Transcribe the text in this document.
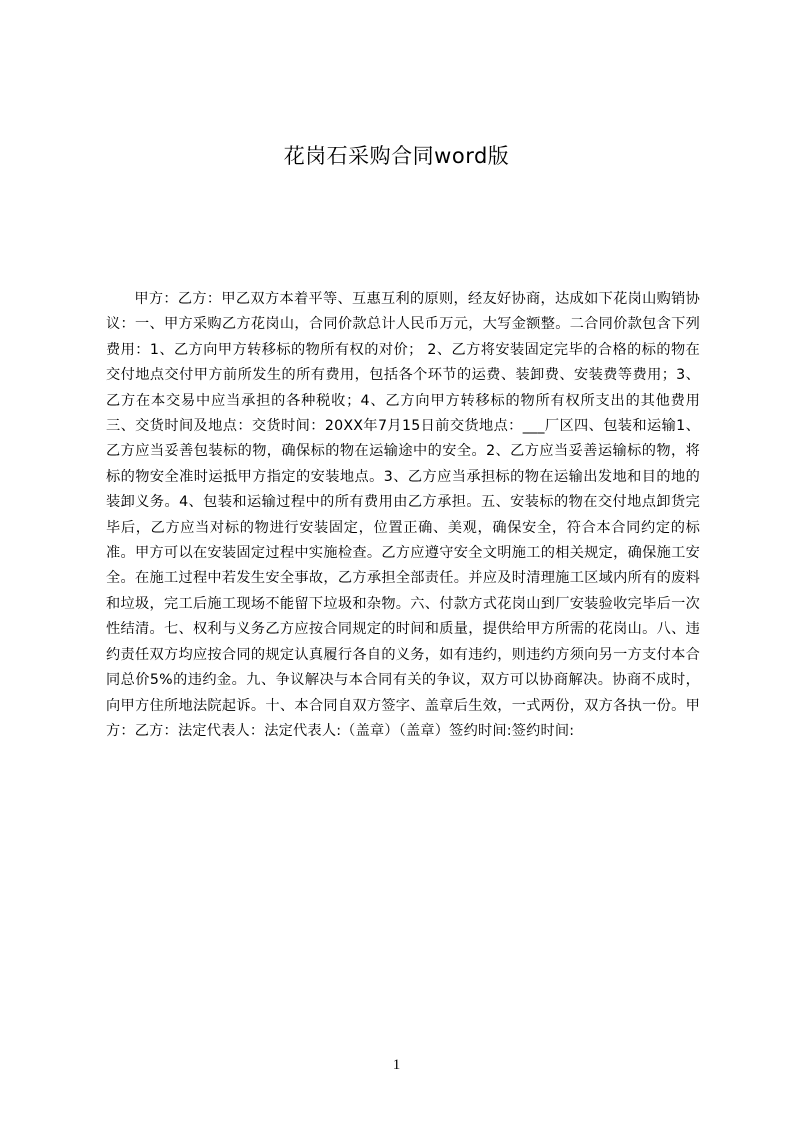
花岗石采购合同word版

甲方：乙方：甲乙双方本着平等、互惠互利的原则，经友好协商，达成如下花岗山购销协议：一、甲方采购乙方花岗山，合同价款总计人民币万元，大写金额整。二合同价款包含下列费用：1、乙方向甲方转移标的物所有权的对价； 2、乙方将安装固定完毕的合格的标的物在交付地点交付甲方前所发生的所有费用，包括各个环节的运费、装卸费、安装费等费用；3、乙方在本交易中应当承担的各种税收；4、乙方向甲方转移标的物所有权所支出的其他费用三、交货时间及地点：交货时间：20XX年7月15日前交货地点：___厂区四、包装和运输1、乙方应当妥善包装标的物，确保标的物在运输途中的安全。2、乙方应当妥善运输标的物，将标的物安全准时运抵甲方指定的安装地点。3、乙方应当承担标的物在运输出发地和目的地的装卸义务。4、包装和运输过程中的所有费用由乙方承担。五、安装标的物在交付地点卸货完毕后，乙方应当对标的物进行安装固定，位置正确、美观，确保安全，符合本合同约定的标准。甲方可以在安装固定过程中实施检查。乙方应遵守安全文明施工的相关规定，确保施工安全。在施工过程中若发生安全事故，乙方承担全部责任。并应及时清理施工区域内所有的废料和垃圾，完工后施工现场不能留下垃圾和杂物。六、付款方式花岗山到厂安装验收完毕后一次性结清。七、权利与义务乙方应按合同规定的时间和质量，提供给甲方所需的花岗山。八、违约责任双方均应按合同的规定认真履行各自的义务，如有违约，则违约方须向另一方支付本合同总价5%的违约金。九、争议解决与本合同有关的争议，双方可以协商解决。协商不成时，向甲方住所地法院起诉。十、本合同自双方签字、盖章后生效，一式两份，双方各执一份。甲方：乙方：法定代表人：法定代表人:（盖章）（盖章）签约时间:签约时间:

1
